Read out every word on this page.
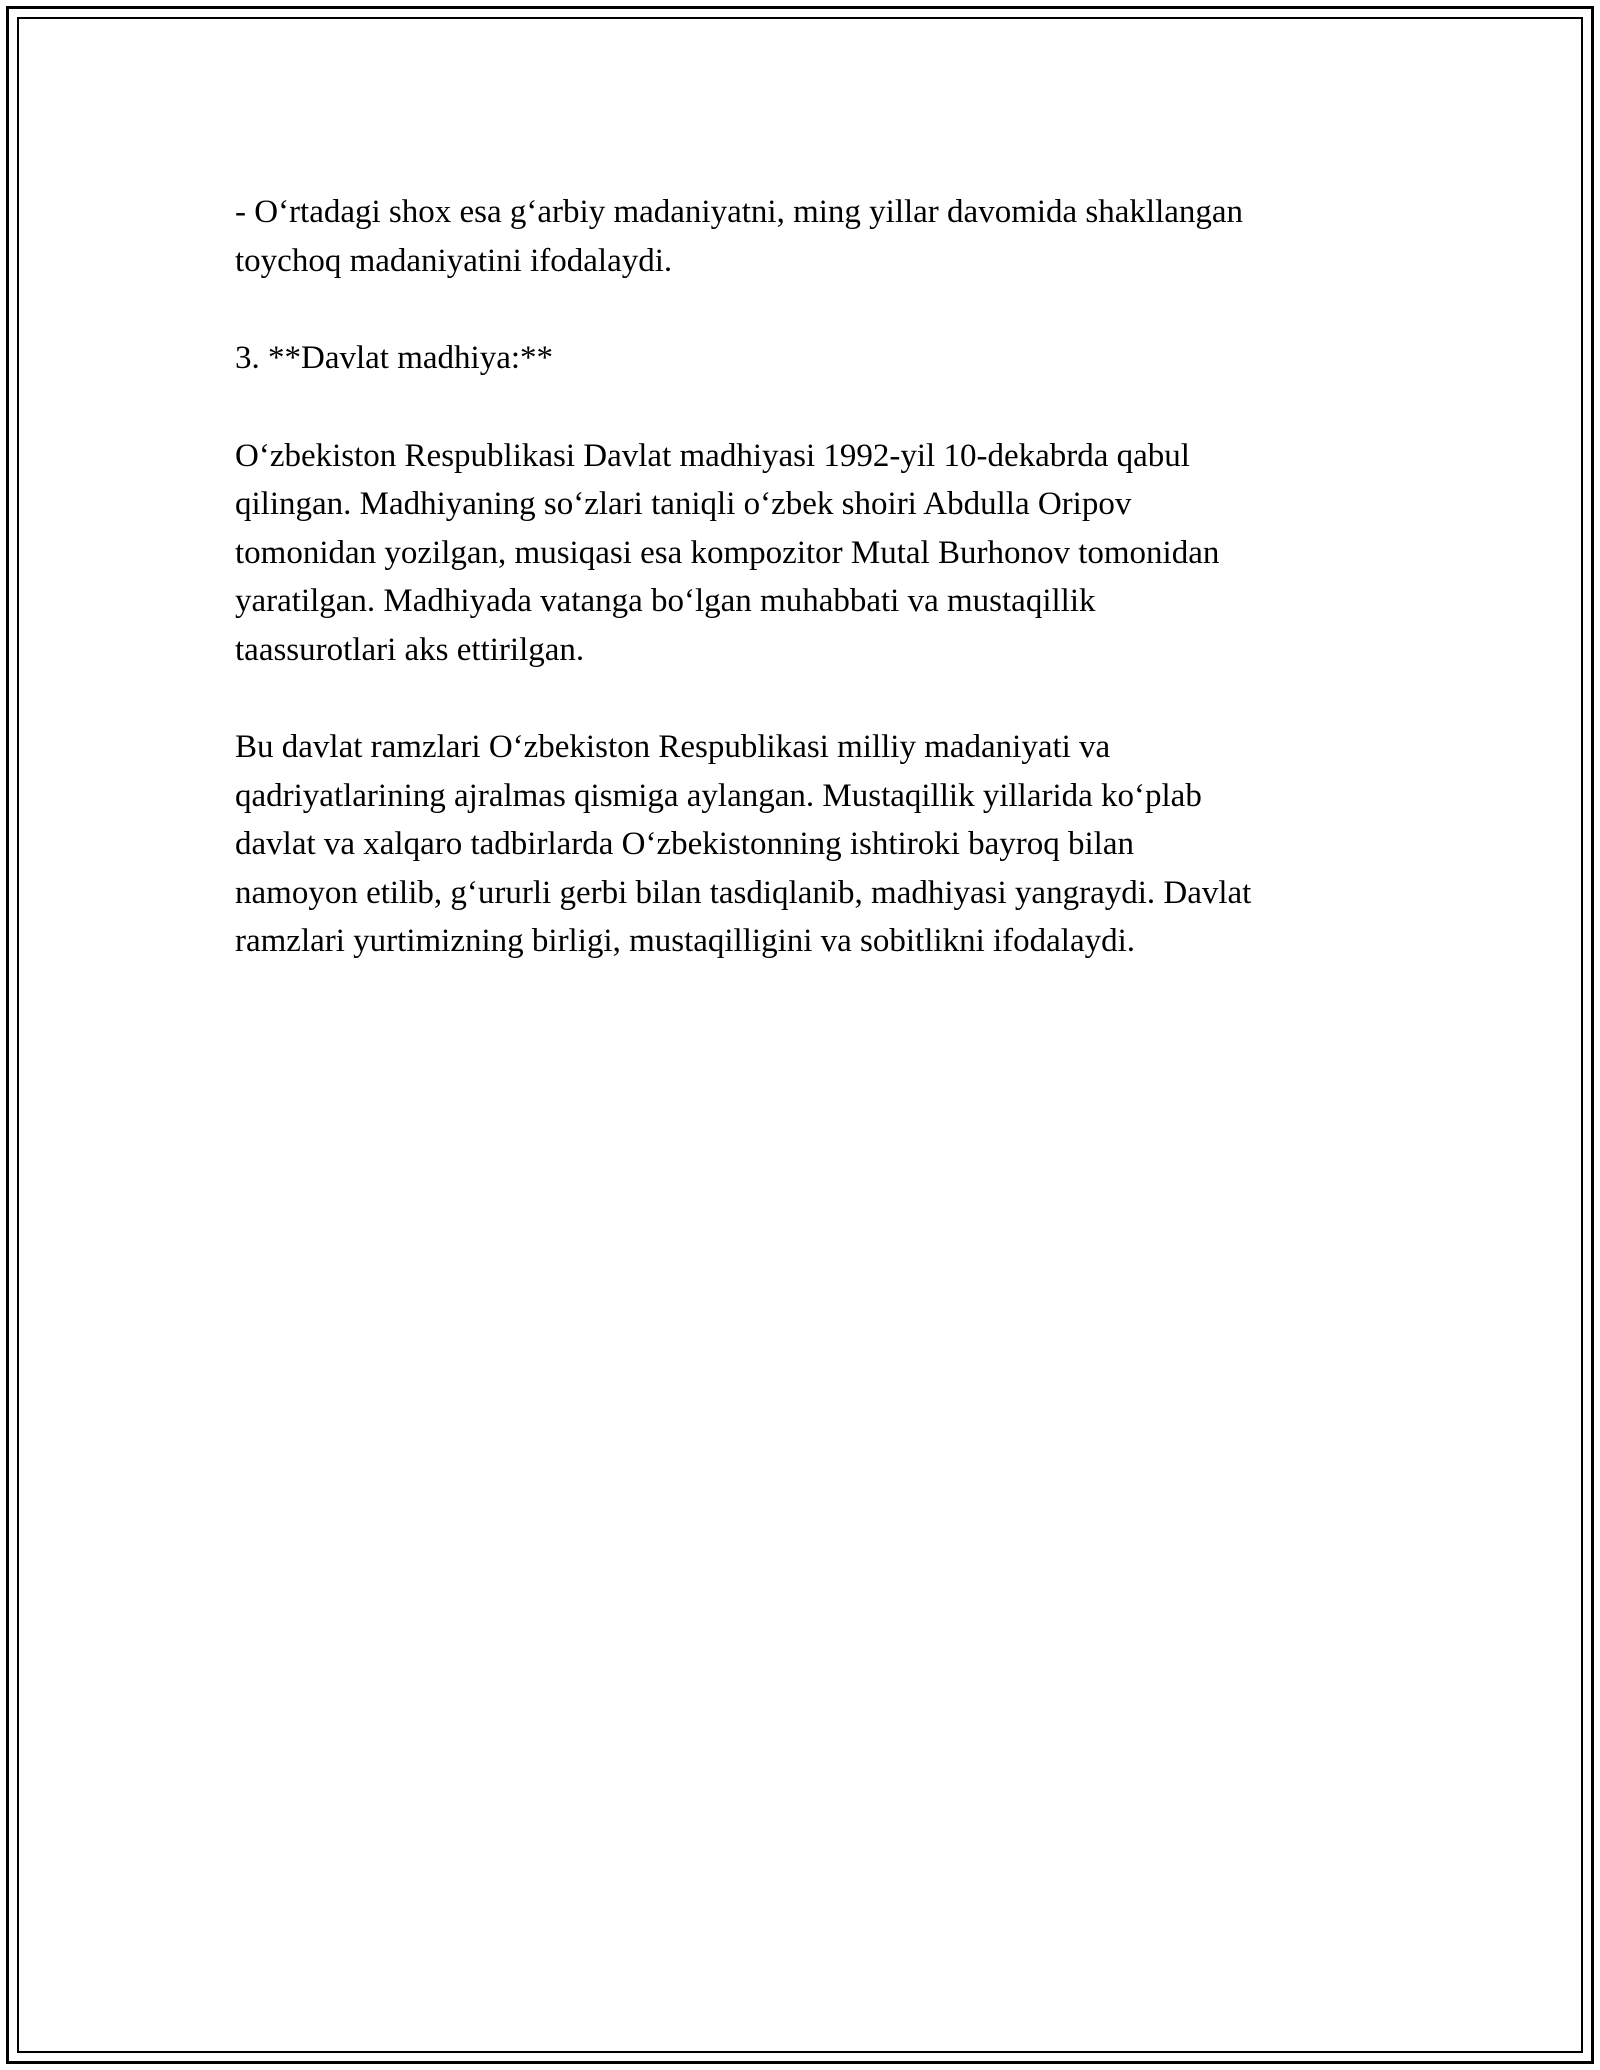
- O‘rtadagi shox esa g‘arbiy madaniyatni, ming yillar davomida shakllangan
toychoq madaniyatini ifodalaydi.

3. **Davlat madhiya:**

O‘zbekiston Respublikasi Davlat madhiyasi 1992-yil 10-dekabrda qabul
qilingan. Madhiyaning so‘zlari taniqli o‘zbek shoiri Abdulla Oripov
tomonidan yozilgan, musiqasi esa kompozitor Mutal Burhonov tomonidan
yaratilgan. Madhiyada vatanga bo‘lgan muhabbati va mustaqillik
taassurotlari aks ettirilgan.

Bu davlat ramzlari O‘zbekiston Respublikasi milliy madaniyati va
qadriyatlarining ajralmas qismiga aylangan. Mustaqillik yillarida ko‘plab
davlat va xalqaro tadbirlarda O‘zbekistonning ishtiroki bayroq bilan
namoyon etilib, g‘ururli gerbi bilan tasdiqlanib, madhiyasi yangraydi. Davlat
ramzlari yurtimizning birligi, mustaqilligini va sobitlikni ifodalaydi.
